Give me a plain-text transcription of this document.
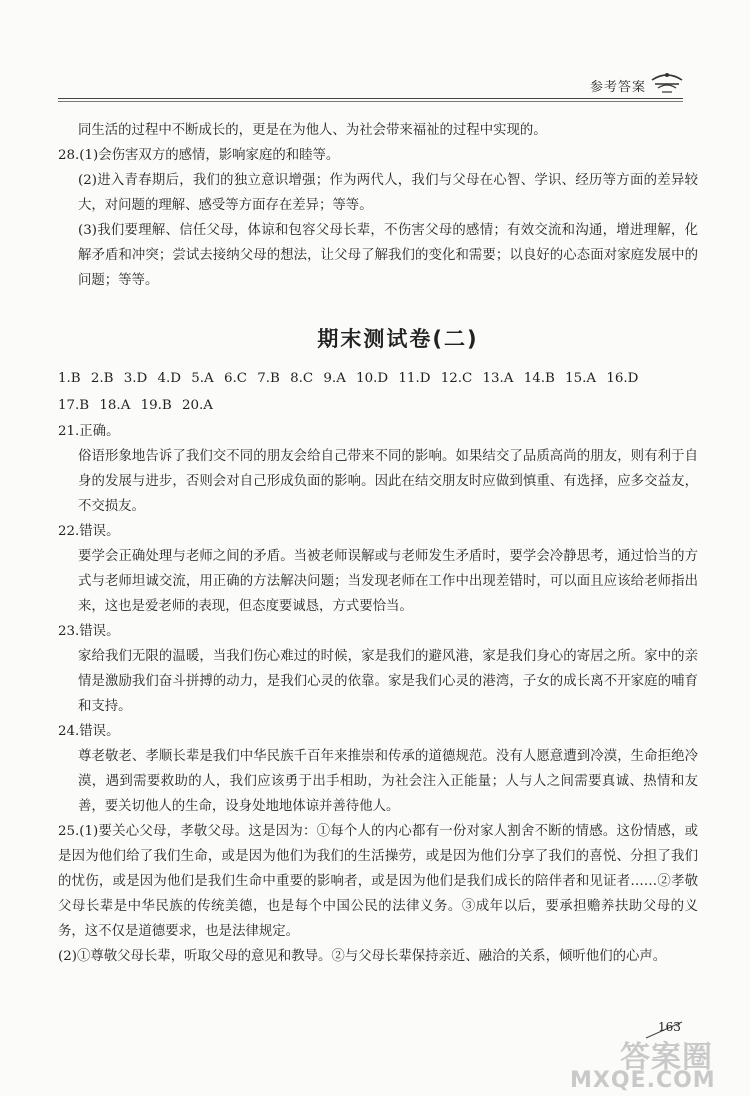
参考答案

同生活的过程中不断成长的，更是在为他人、为社会带来福祉的过程中实现的。

28.(1)会伤害双方的感情，影响家庭的和睦等。

(2)进入青春期后，我们的独立意识增强；作为两代人，我们与父母在心智、学识、经历等方面的差异较大，对问题的理解、感受等方面存在差异；等等。

(3)我们要理解、信任父母，体谅和包容父母长辈，不伤害父母的感情；有效交流和沟通，增进理解，化解矛盾和冲突；尝试去接纳父母的想法，让父母了解我们的变化和需要；以良好的心态面对家庭发展中的问题；等等。

期末测试卷(二)

1.B 2.B 3.D 4.D 5.A 6.C 7.B 8.C 9.A 10.D 11.D 12.C 13.A 14.B 15.A 16.D

17.B 18.A 19.B 20.A

21.正确。

俗语形象地告诉了我们交不同的朋友会给自己带来不同的影响。如果结交了品质高尚的朋友，则有利于自身的发展与进步，否则会对自己形成负面的影响。因此在结交朋友时应做到慎重、有选择，应多交益友，不交损友。

22.错误。

要学会正确处理与老师之间的矛盾。当被老师误解或与老师发生矛盾时，要学会冷静思考，通过恰当的方式与老师坦诚交流，用正确的方法解决问题；当发现老师在工作中出现差错时，可以面且应该给老师指出来，这也是爱老师的表现，但态度要诚恳，方式要恰当。

23.错误。

家给我们无限的温暖，当我们伤心难过的时候，家是我们的避风港，家是我们身心的寄居之所。家中的亲情是激励我们奋斗拼搏的动力，是我们心灵的依靠。家是我们心灵的港湾，子女的成长离不开家庭的哺育和支持。

24.错误。

尊老敬老、孝顺长辈是我们中华民族千百年来推崇和传承的道德规范。没有人愿意遭到冷漠，生命拒绝冷漠，遇到需要救助的人，我们应该勇于出手相助，为社会注入正能量；人与人之间需要真诚、热情和友善，要关切他人的生命，设身处地地体谅并善待他人。

25.(1)要关心父母，孝敬父母。这是因为：①每个人的内心都有一份对家人割舍不断的情感。这份情感，或是因为他们给了我们生命，或是因为他们为我们的生活操劳，或是因为他们分享了我们的喜悦、分担了我们的忧伤，或是因为他们是我们生命中重要的影响者，或是因为他们是我们成长的陪伴者和见证者……②孝敬父母长辈是中华民族的传统美德，也是每个中国公民的法律义务。③成年以后，要承担赡养扶助父母的义务，这不仅是道德要求，也是法律规定。

(2)①尊敬父母长辈，听取父母的意见和教导。②与父母长辈保持亲近、融洽的关系，倾听他们的心声。

163
答案圈
MXQE.COM
